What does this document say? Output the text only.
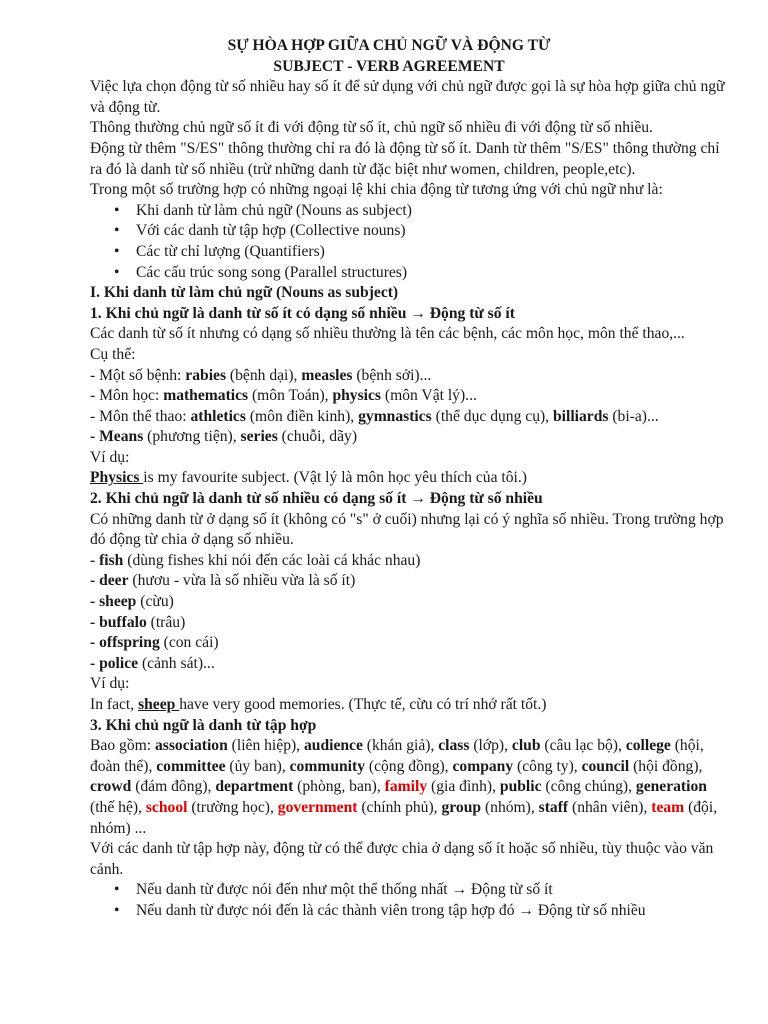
SỰ HÒA HỢP GIỮA CHỦ NGỮ VÀ ĐỘNG TỪ
SUBJECT - VERB AGREEMENT

Việc lựa chọn động từ số nhiều hay số ít để sử dụng với chủ ngữ được gọi là sự hòa hợp giữa chủ ngữ và động từ.

Thông thường chủ ngữ số ít đi với động từ số ít, chủ ngữ số nhiều đi với động từ số nhiều.

Động từ thêm "S/ES" thông thường chỉ ra đó là động từ số ít. Danh từ thêm "S/ES" thông thường chỉ ra đó là danh từ số nhiều (trừ những danh từ đặc biệt như women, children, people,etc).

Trong một số trường hợp có những ngoại lệ khi chia động từ tương ứng với chủ ngữ như là:

• Khi danh từ làm chủ ngữ (Nouns as subject)
• Với các danh từ tập hợp (Collective nouns)
• Các từ chỉ lượng (Quantifiers)
• Các cấu trúc song song (Parallel structures)

I. Khi danh từ làm chủ ngữ (Nouns as subject)

1. Khi chủ ngữ là danh từ số ít có dạng số nhiều → Động từ số ít

Các danh từ số ít nhưng có dạng số nhiều thường là tên các bệnh, các môn học, môn thể thao,...

Cụ thể:

- Một số bệnh: rabies (bệnh dại), measles (bệnh sởi)...

- Môn học: mathematics (môn Toán), physics (môn Vật lý)...

- Môn thể thao: athletics (môn điền kinh), gymnastics (thể dục dụng cụ), billiards (bi-a)...

- Means (phương tiện), series (chuỗi, dãy)

Ví dụ:

Physics is my favourite subject. (Vật lý là môn học yêu thích của tôi.)

2. Khi chủ ngữ là danh từ số nhiều có dạng số ít → Động từ số nhiều

Có những danh từ ở dạng số ít (không có "s" ở cuối) nhưng lại có ý nghĩa số nhiều. Trong trường hợp đó động từ chia ở dạng số nhiều.

- fish (dùng fishes khi nói đến các loài cá khác nhau)

- deer (hươu - vừa là số nhiều vừa là số ít)

- sheep (cừu)

- buffalo (trâu)

- offspring (con cái)

- police (cảnh sát)...

Ví dụ:

In fact, sheep have very good memories. (Thực tế, cừu có trí nhớ rất tốt.)

3. Khi chủ ngữ là danh từ tập hợp

Bao gồm: association (liên hiệp), audience (khán giả), class (lớp), club (câu lạc bộ), college (hội, đoàn thể), committee (ủy ban), community (cộng đồng), company (công ty), council (hội đồng), crowd (đám đông), department (phòng, ban), family (gia đình), public (công chúng), generation (thế hệ), school (trường học), government (chính phủ), group (nhóm), staff (nhân viên), team (đội, nhóm) ...

Với các danh từ tập hợp này, động từ có thể được chia ở dạng số ít hoặc số nhiều, tùy thuộc vào văn cảnh.

• Nếu danh từ được nói đến như một thể thống nhất → Động từ số ít
• Nếu danh từ được nói đến là các thành viên trong tập hợp đó → Động từ số nhiều
